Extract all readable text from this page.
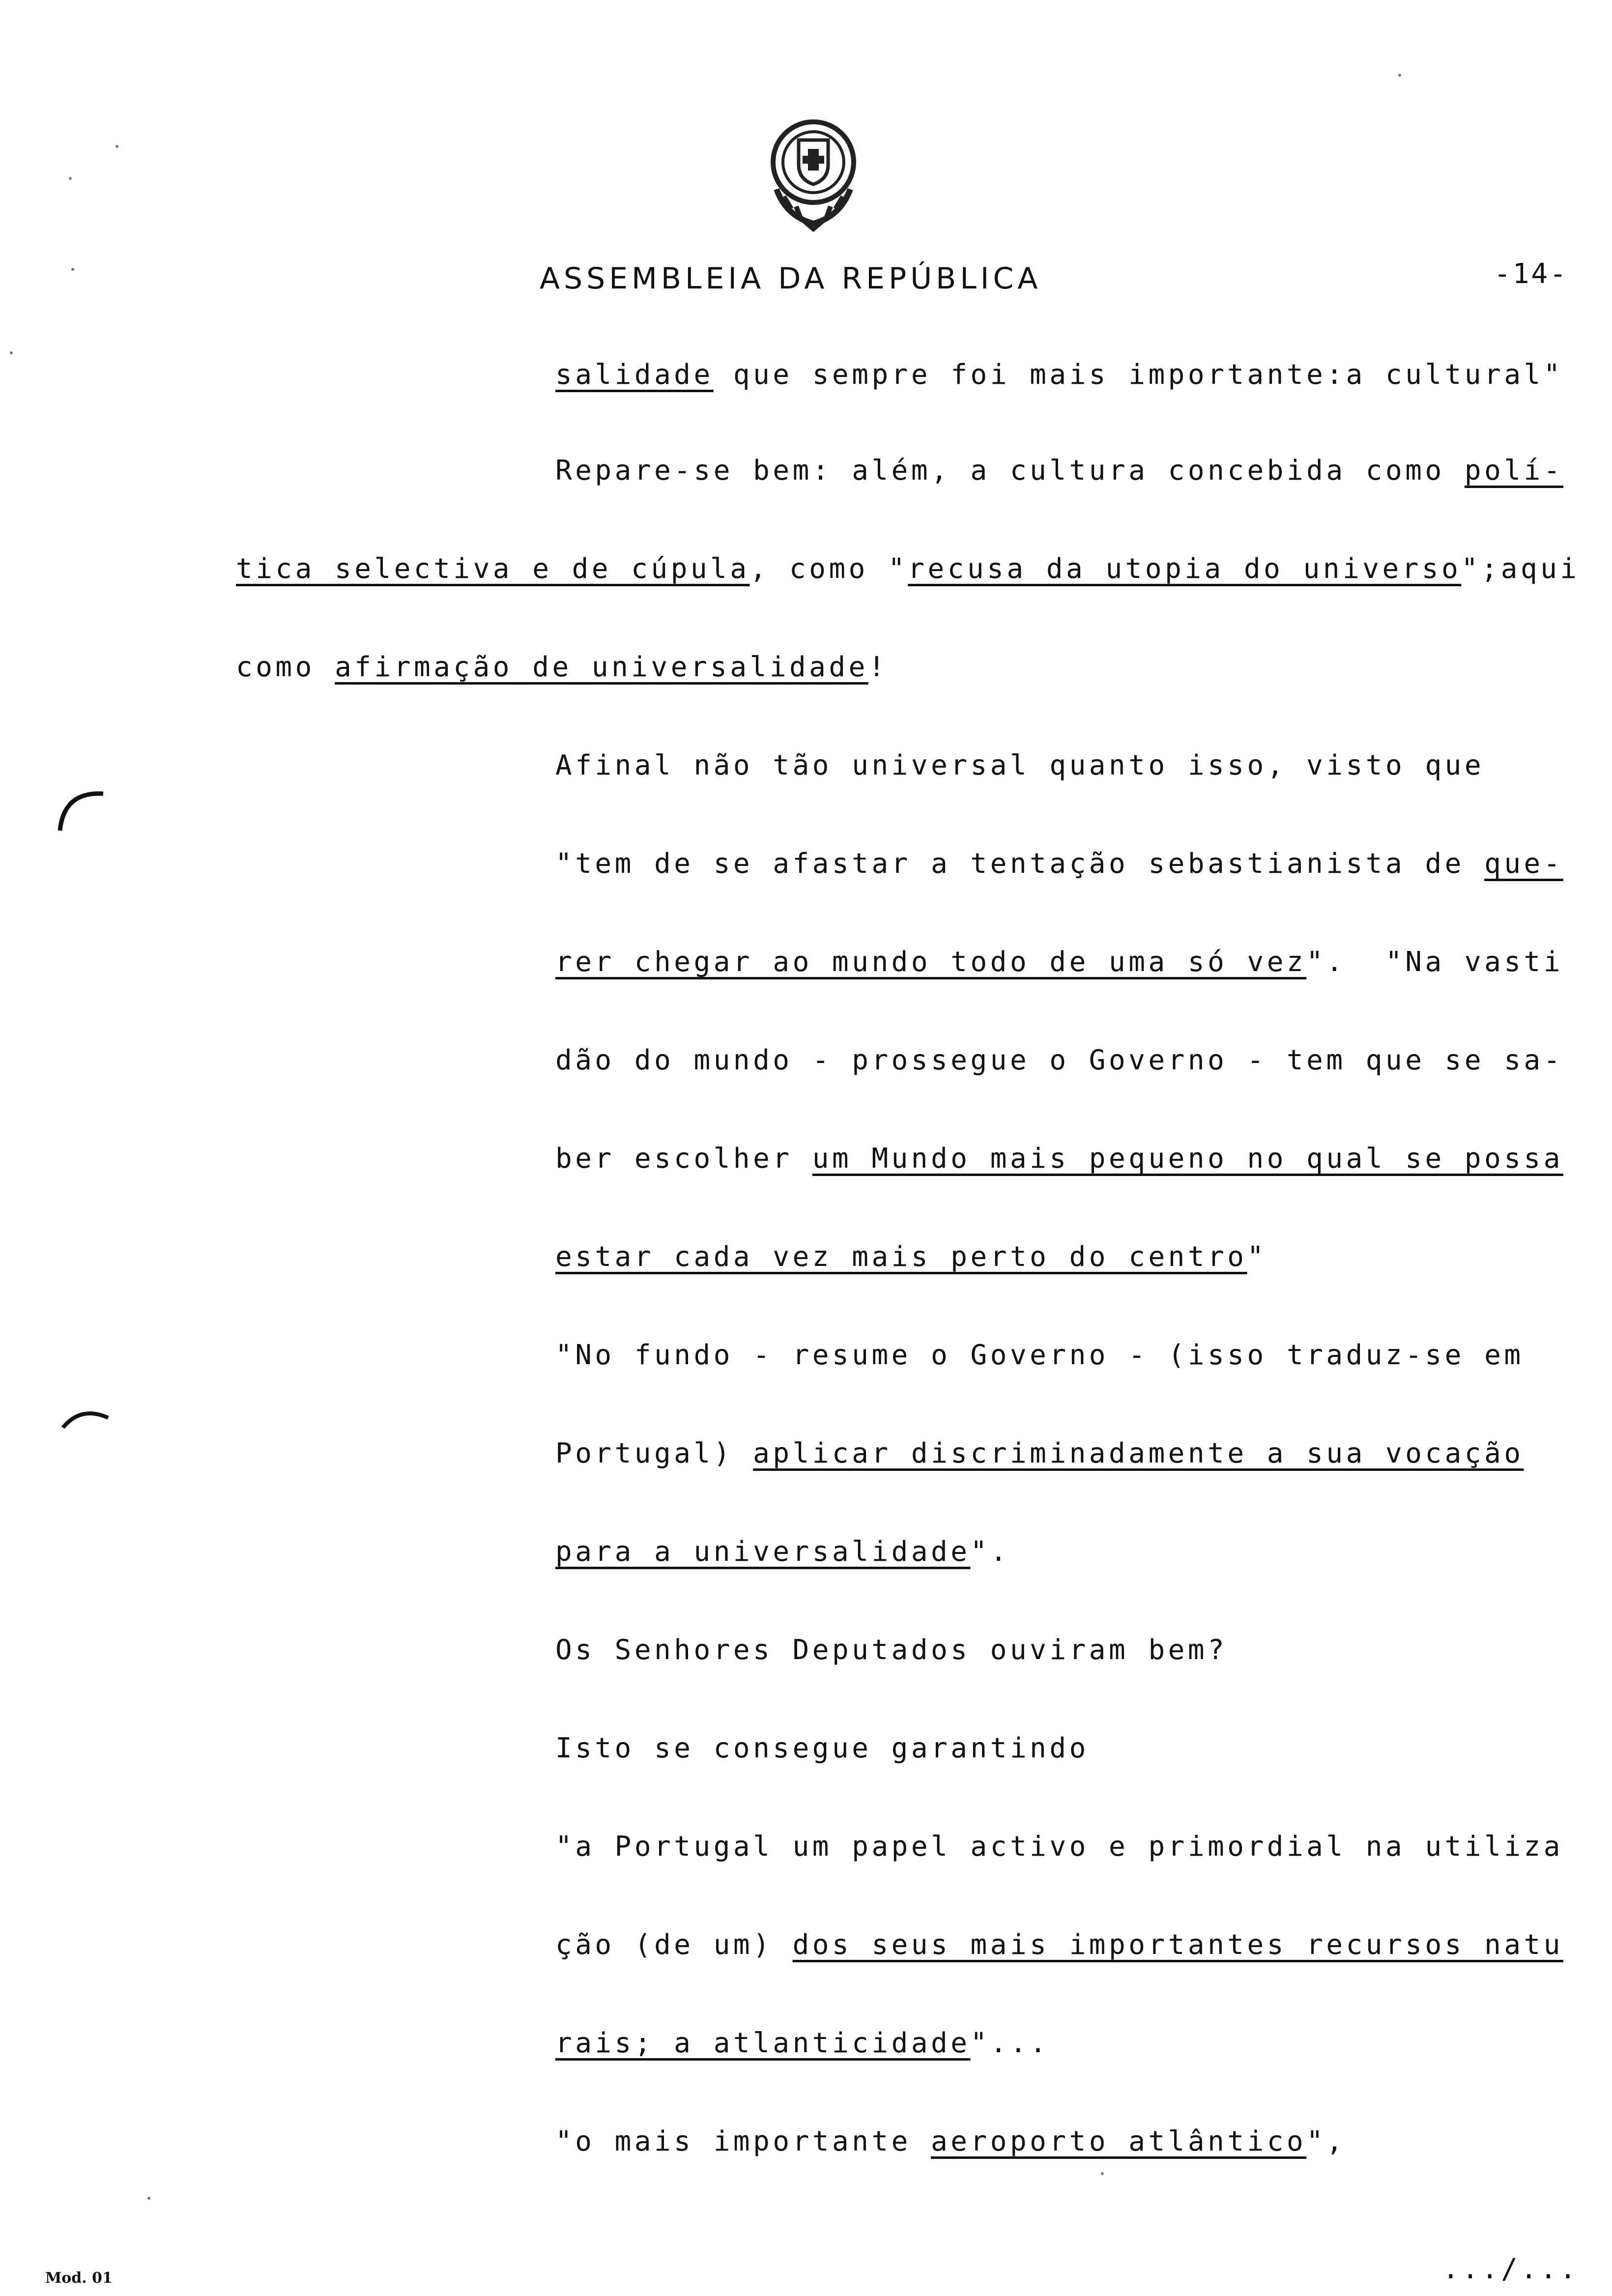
ASSEMBLEIA DA REPÚBLICA	-14-
salidade que sempre foi mais importante:a cultural"
Repare-se bem: além, a cultura concebida como polí-
tica selectiva e de cúpula, como "recusa da utopia do universo";aqui
como afirmação de universalidade!
Afinal não tão universal quanto isso, visto que
"tem de se afastar a tentação sebastianista de que-
rer chegar ao mundo todo de uma só vez".  "Na vasti
dão do mundo - prossegue o Governo - tem que se sa-
ber escolher um Mundo mais pequeno no qual se possa
estar cada vez mais perto do centro"
"No fundo - resume o Governo - (isso traduz-se em
Portugal) aplicar discriminadamente a sua vocação
para a universalidade".
Os Senhores Deputados ouviram bem?
Isto se consegue garantindo
"a Portugal um papel activo e primordial na utiliza
ção (de um) dos seus mais importantes recursos natu
rais; a atlanticidade"...
"o mais importante aeroporto atlântico",
Mod. 01	.../...
